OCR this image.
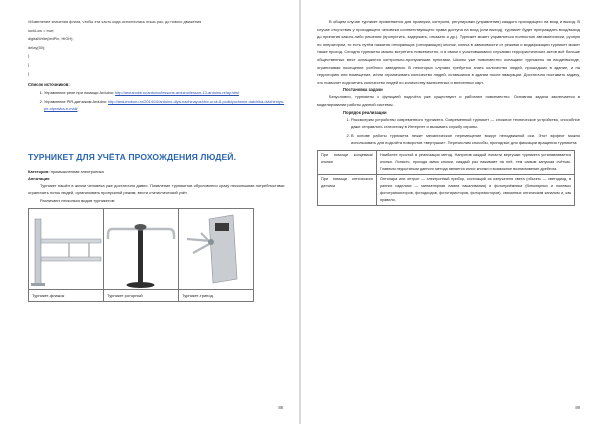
//Изменение значения флага, чтобы эта часть кода исполнилась лишь раз, до нового движения
lockLow = true;
digitalWrite(ledPin, HIGH);
delay(50);
}
}
}
Список источников:
1. Управление реле при помощи Arduino: http://arduinokit.ru/arduino/lessons-arduino/lesson-13-arduino-relay.html
2. Управление PIR-датчиком Arduino: http://arduinoboru.ru/2014/10/arduino-dlya-nachinayushhix-urok-8-podklyuchenie-datchika-dvizheniya-pir-otpravka-e-mail/
ТУРНИКЕТ ДЛЯ УЧЁТА ПРОХОЖДЕНИЯ ЛЮДЕЙ.
Категория: промышленная электроника
Аннотация
Турникет нашёл в жизни человека уже достаточно давно. Появление турникетов обусловлено сразу несколькими потребностями: ограничить поток людей, организовать пропускной режим, вести статистический учёт.
Различают несколько видов турникетов:

Турникет-флажок	Турникет роторный	Турникет-трипод
88

В общем случае турникет применяется для проверки, контроля, регулировки (управления) каждого проходящего на вход и выход. В случае отсутствия у проходящего человека соответствующего права доступа на вход (или выход), турникет будет преграждать вход/выход до принятия какого-либо решения (пропустить, задержать, отказать и др.). Турникет может управляться полностью автоматически, ручную но оператором, то есть путём нажатия отпирающих (отпирающих) кнопок, ключа в зависимости от режима и модификации турникет может также проход. Сегодня турникеты можно встретить повсеместно, и в связи с участившимися случаями террористических актов всё больше общественных мест оснащаются контрольно-пропускными пунктами. Школы уже повсеместно оснащают турникеты на входе/выходе, ограничивая посещение учебного заведения. В некоторых случаях требуется знать количество людей, прошедших в здание, и на территорию или помещение, и/или ограничивать количество людей, оставшихся в здании после эвакуации. Достаточно поставить задачу, что позволит подсчитать количество людей по количеству вынесенных и внесенных карт.

Постановка задачи
Безусловно, турникеты с функцией подсчёта уже существуют и работают повсеместно. Основная задача заключается в моделировании работы данной системы.
Порядок реализации
1. Рассмотрим устройство современного турникета. Современный турникет — сложное техническое устройство, способное даже отправлять статистику в Интернет и вызывать службу охраны.
2. В основе работы турникета лежит механическое перемещение вокруг неподвижной оси. Этот эффект можно использовать для подсчёта поворотов «вертушки». Перечислим способы, пригодные для фиксации вращения турникета:
При помощи концевика/кнопки	Наиболее простой в реализации метод. Напротив каждой лопасти вертушки турникета устанавливается кнопка. Лопасть, проходя мимо кнопки, каждый раз нажимает на неё, тем самым запуская счётчик. Главным недостатком данного метода является износ кнопки и возможное возникновение дребезга.
При помощи оптического датчика	Оптопара или оптрон — электронный прибор, состоящий из излучателя света (обычно — светодиод, в ранних изделиях — миниатюрная лампа накаливания) и фотоприёмника (биполярных и полевых фототранзисторов, фотодиодов, фототиристоров, фоторезисторов), связанных оптическим каналом и, как правило,
89
